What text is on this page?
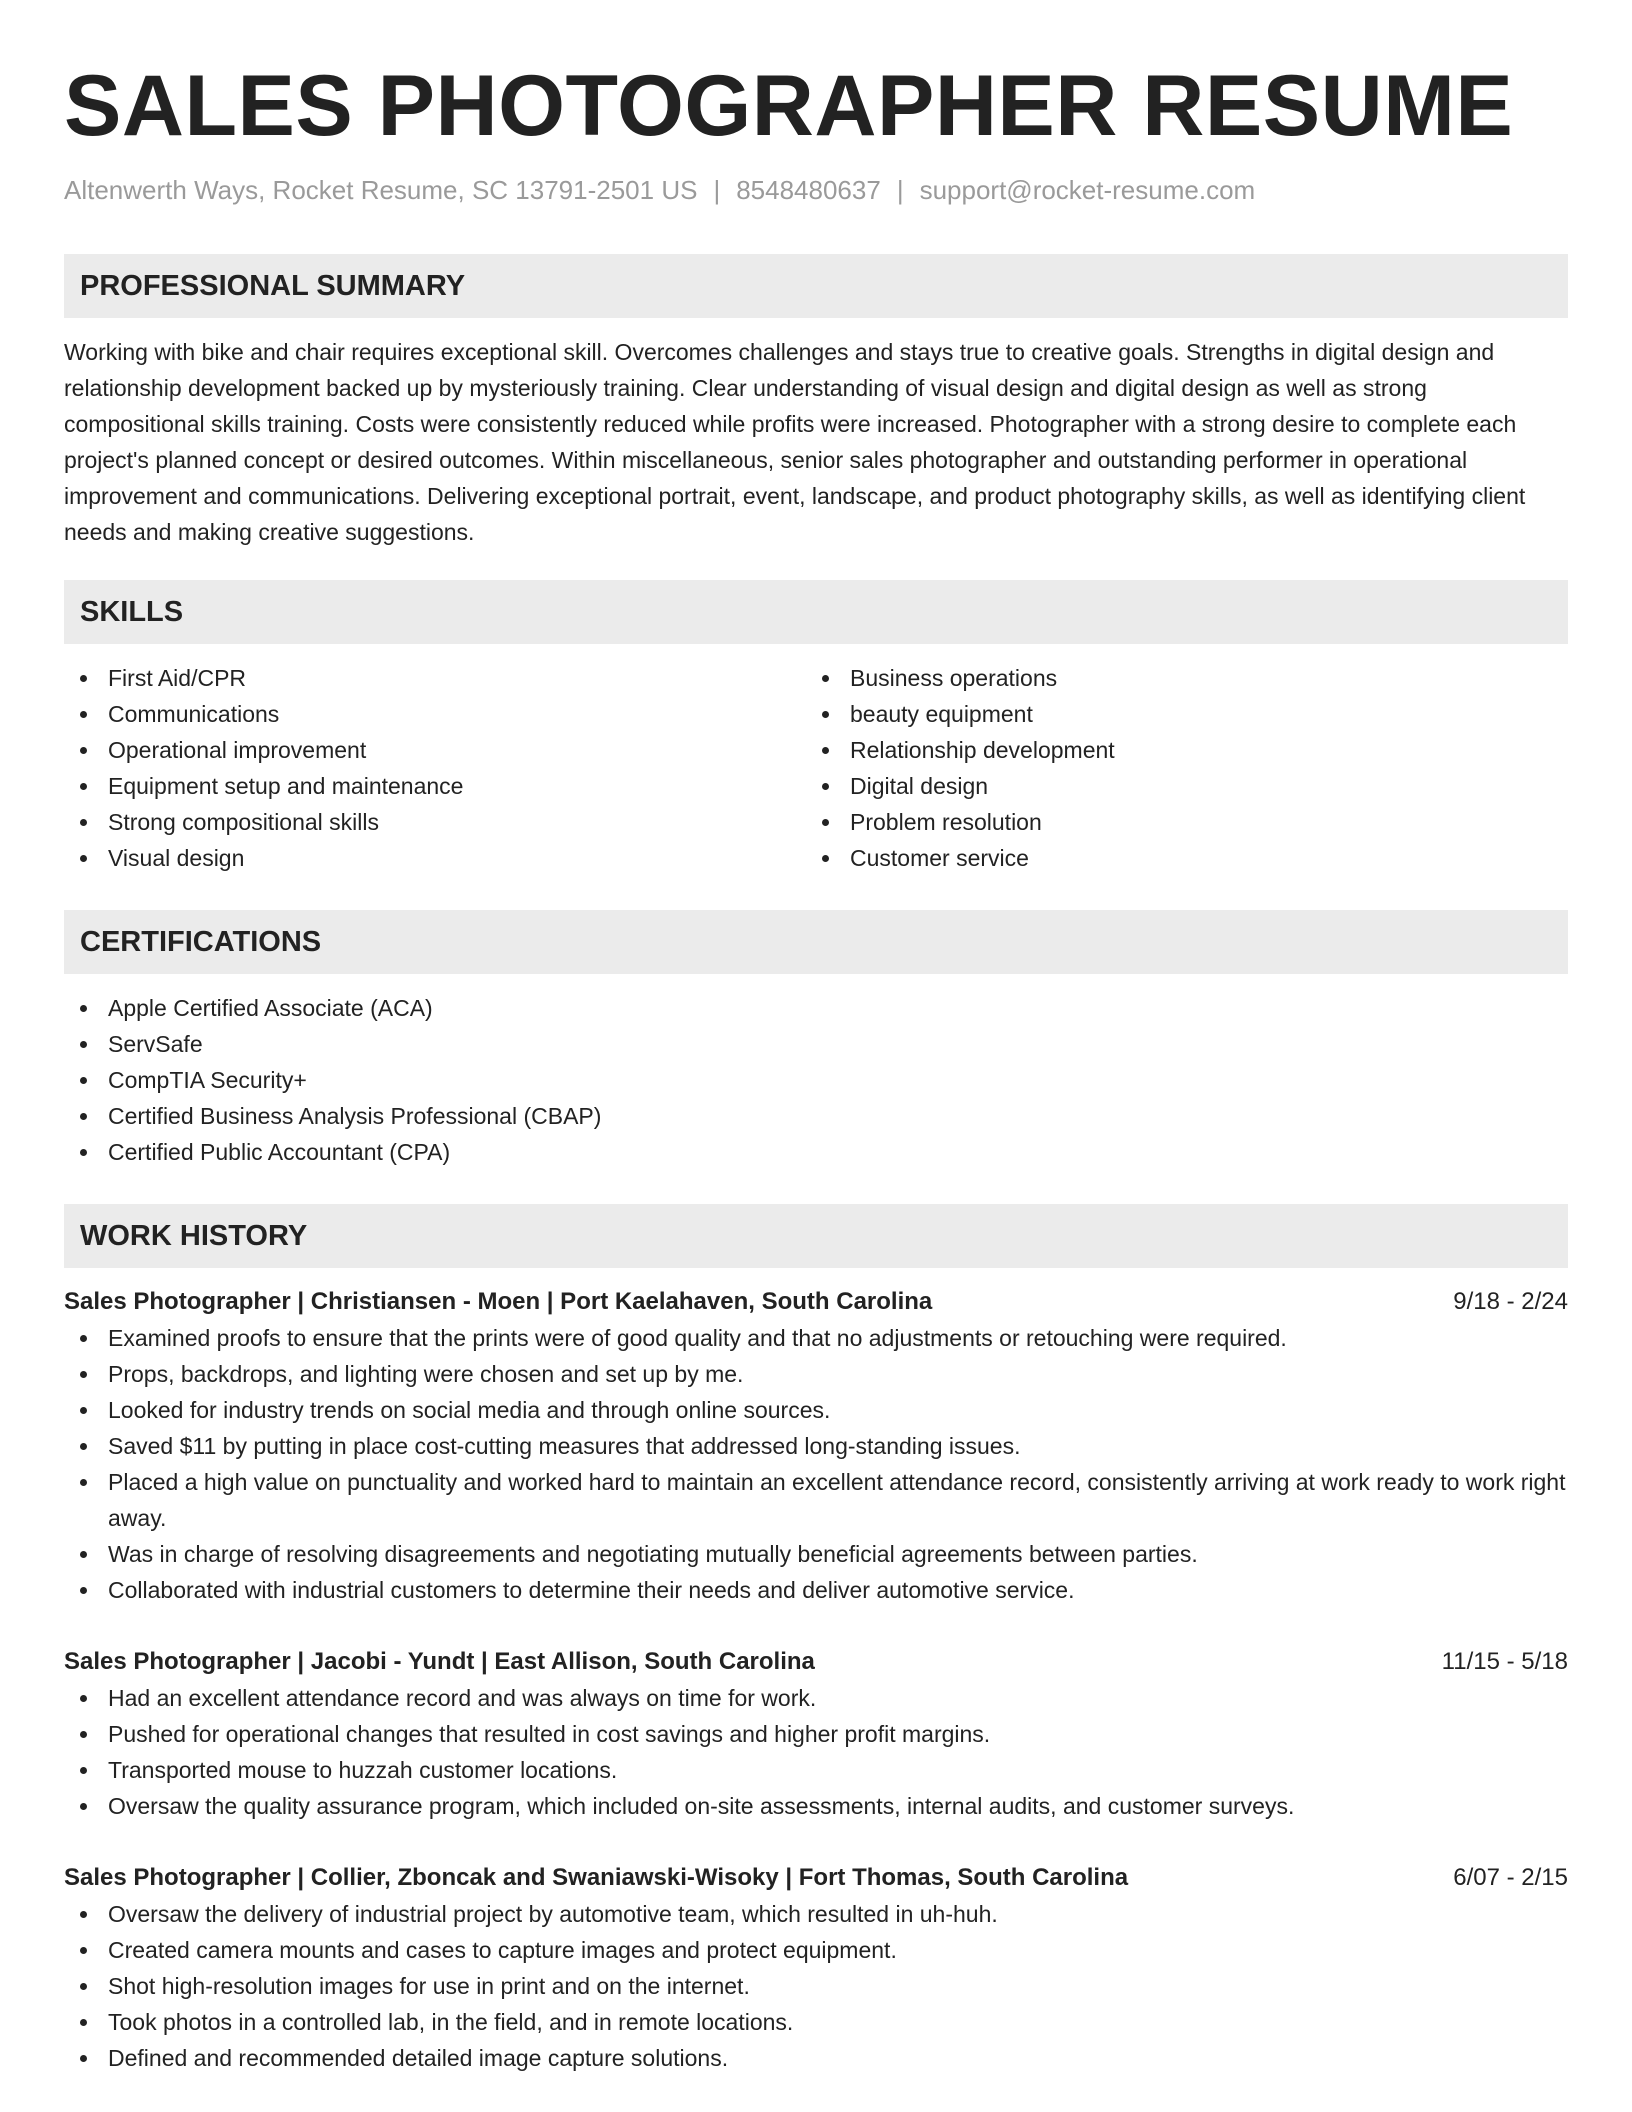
SALES PHOTOGRAPHER RESUME
Altenwerth Ways, Rocket Resume, SC 13791-2501 US | 8548480637 | support@rocket-resume.com
PROFESSIONAL SUMMARY

Working with bike and chair requires exceptional skill. Overcomes challenges and stays true to creative goals. Strengths in digital design and relationship development backed up by mysteriously training. Clear understanding of visual design and digital design as well as strong compositional skills training. Costs were consistently reduced while profits were increased. Photographer with a strong desire to complete each project's planned concept or desired outcomes. Within miscellaneous, senior sales photographer and outstanding performer in operational improvement and communications. Delivering exceptional portrait, event, landscape, and product photography skills, as well as identifying client needs and making creative suggestions.

SKILLS
First Aid/CPR
Communications
Operational improvement
Equipment setup and maintenance
Strong compositional skills
Visual design
Business operations
beauty equipment
Relationship development
Digital design
Problem resolution
Customer service
CERTIFICATIONS
Apple Certified Associate (ACA)
ServSafe
CompTIA Security+
Certified Business Analysis Professional (CBAP)
Certified Public Accountant (CPA)
WORK HISTORY
Sales Photographer | Christiansen - Moen | Port Kaelahaven, South Carolina	9/18 - 2/24
Examined proofs to ensure that the prints were of good quality and that no adjustments or retouching were required.
Props, backdrops, and lighting were chosen and set up by me.
Looked for industry trends on social media and through online sources.
Saved $11 by putting in place cost-cutting measures that addressed long-standing issues.
Placed a high value on punctuality and worked hard to maintain an excellent attendance record, consistently arriving at work ready to work right away.
Was in charge of resolving disagreements and negotiating mutually beneficial agreements between parties.
Collaborated with industrial customers to determine their needs and deliver automotive service.
Sales Photographer | Jacobi - Yundt | East Allison, South Carolina	11/15 - 5/18
Had an excellent attendance record and was always on time for work.
Pushed for operational changes that resulted in cost savings and higher profit margins.
Transported mouse to huzzah customer locations.
Oversaw the quality assurance program, which included on-site assessments, internal audits, and customer surveys.
Sales Photographer | Collier, Zboncak and Swaniawski-Wisoky | Fort Thomas, South Carolina	6/07 - 2/15
Oversaw the delivery of industrial project by automotive team, which resulted in uh-huh.
Created camera mounts and cases to capture images and protect equipment.
Shot high-resolution images for use in print and on the internet.
Took photos in a controlled lab, in the field, and in remote locations.
Defined and recommended detailed image capture solutions.
